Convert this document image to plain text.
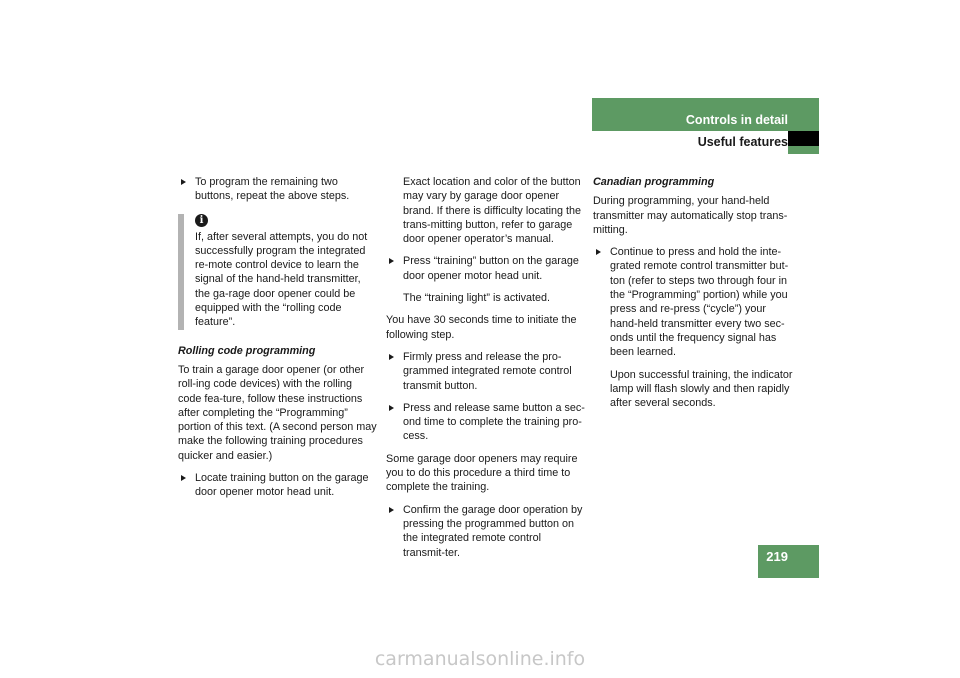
Controls in detail
Useful features
219
To program the remaining two buttons, repeat the above steps.
i
If, after several attempts, you do not successfully program the integrated re-mote control device to learn the signal of the hand-held transmitter, the ga-rage door opener could be equipped with the “rolling code feature”.
Rolling code programming
To train a garage door opener (or other roll-ing code devices) with the rolling code fea-ture, follow these instructions after completing the “Programming” portion of this text. (A second person may make the following training procedures quicker and easier.)
Locate training button on the garage door opener motor head unit.
Exact location and color of the button may vary by garage door opener brand. If there is difficulty locating the trans-mitting button, refer to garage door opener operator’s manual.
Press “training” button on the garage door opener motor head unit.
The “training light” is activated.
You have 30 seconds time to initiate the following step.
Firmly press and release the pro-grammed integrated remote control transmit button.
Press and release same button a sec-ond time to complete the training pro-cess.
Some garage door openers may require you to do this procedure a third time to complete the training.
Confirm the garage door operation by pressing the programmed button on the integrated remote control transmit-ter.
Canadian programming
During programming, your hand-held transmitter may automatically stop trans-mitting.
Continue to press and hold the inte-grated remote control transmitter but-ton (refer to steps two through four in the “Programming” portion) while you press and re-press (“cycle”) your hand-held transmitter every two sec-onds until the frequency signal has been learned.
Upon successful training, the indicator lamp will flash slowly and then rapidly after several seconds.
carmanualsonline.info
